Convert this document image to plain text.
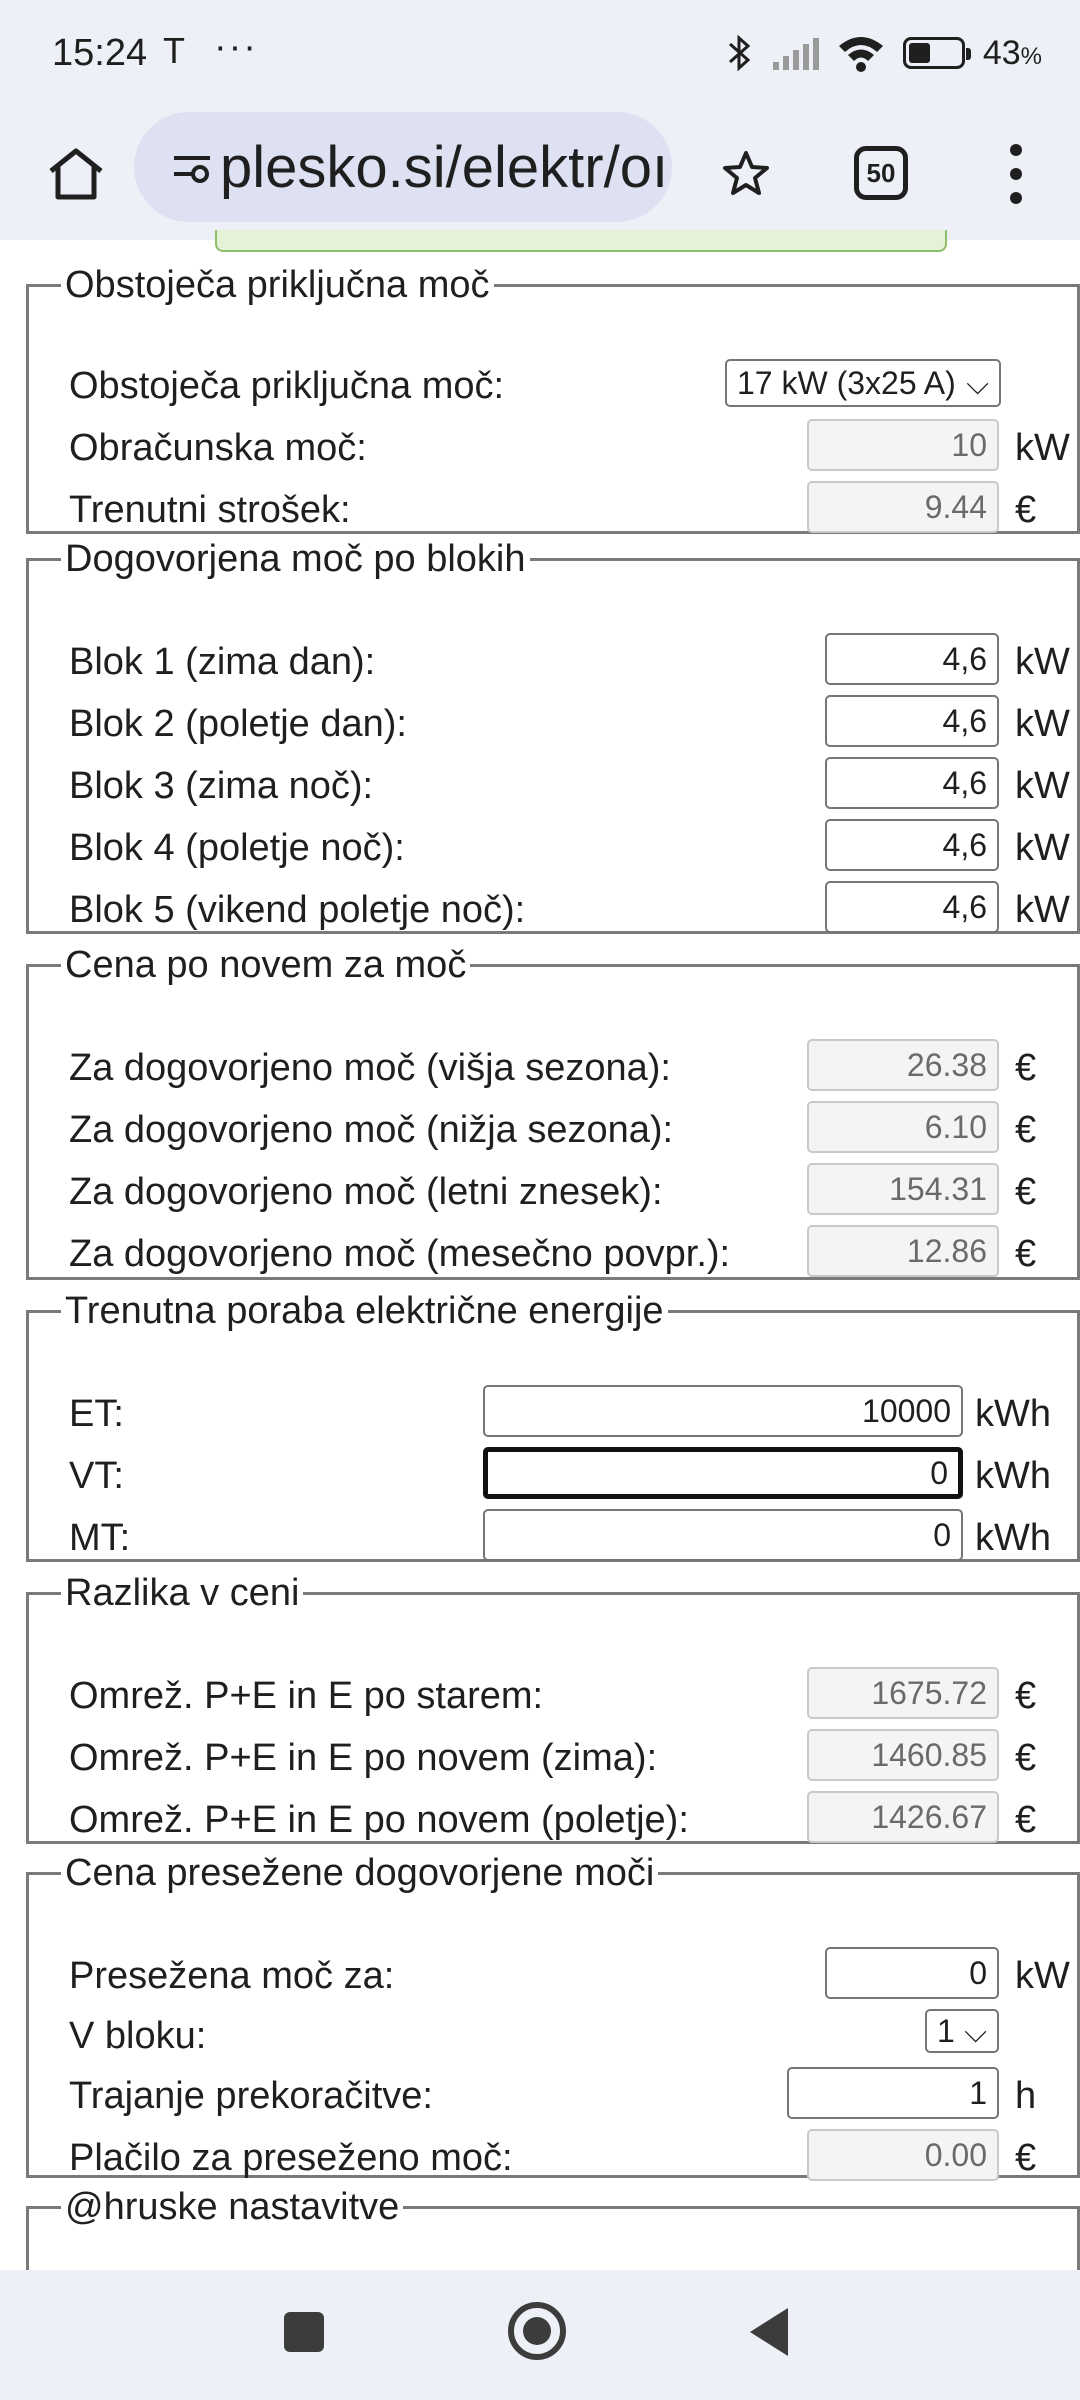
15:24 T ···	43%
plesko.si/elektr/oı	50
Obstoječa priključna moč
Obstoječa priključna moč:	17 kW (3x25 A) ⌵
Obračunska moč:	10 kW
Trenutni strošek:	9.44 €
Dogovorjena moč po blokih
Blok 1 (zima dan):	4,6 kW
Blok 2 (poletje dan):	4,6 kW
Blok 3 (zima noč):	4,6 kW
Blok 4 (poletje noč):	4,6 kW
Blok 5 (vikend poletje noč):	4,6 kW
Cena po novem za moč
Za dogovorjeno moč (višja sezona):	26.38 €
Za dogovorjeno moč (nižja sezona):	6.10 €
Za dogovorjeno moč (letni znesek):	154.31 €
Za dogovorjeno moč (mesečno povpr.):	12.86 €
Trenutna poraba električne energije
ET:	10000 kWh
VT:	0 kWh
MT:	0 kWh
Razlika v ceni
Omrež. P+E in E po starem:	1675.72 €
Omrež. P+E in E po novem (zima):	1460.85 €
Omrež. P+E in E po novem (poletje):	1426.67 €
Cena presežene dogovorjene moči
Presežena moč za:	0 kW
V bloku:	1 ⌵
Trajanje prekoračitve:	1 h
Plačilo za preseženo moč:	0.00 €
@hruske nastavitve
